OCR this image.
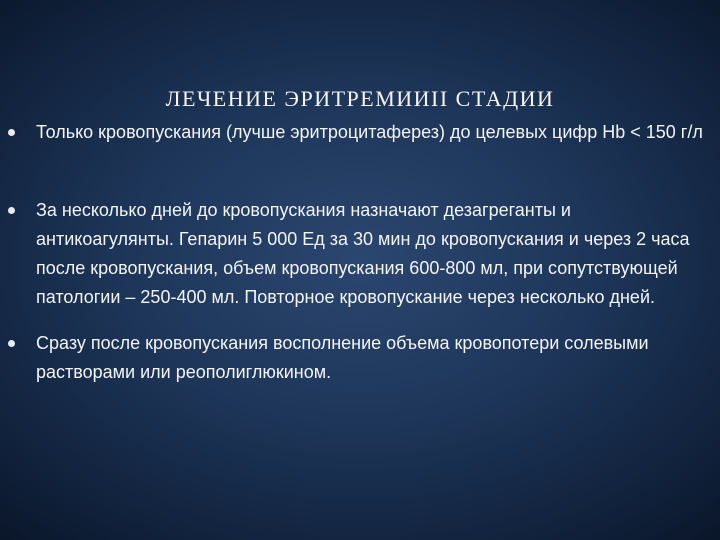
ЛЕЧЕНИЕ ЭРИТРЕМИИII СТАДИИ
Только кровопускания (лучше эритроцитаферез) до целевых цифр Hb < 150 г/л
За несколько дней до кровопускания назначают дезагреганты и антикоагулянты. Гепарин 5 000 Ед за 30 мин до кровопускания и через 2 часа после кровопускания, объем кровопускания 600-800 мл, при сопутствующей патологии – 250-400 мл. Повторное кровопускание через несколько дней.
Сразу после кровопускания восполнение объема кровопотери солевыми растворами или реополиглюкином.
